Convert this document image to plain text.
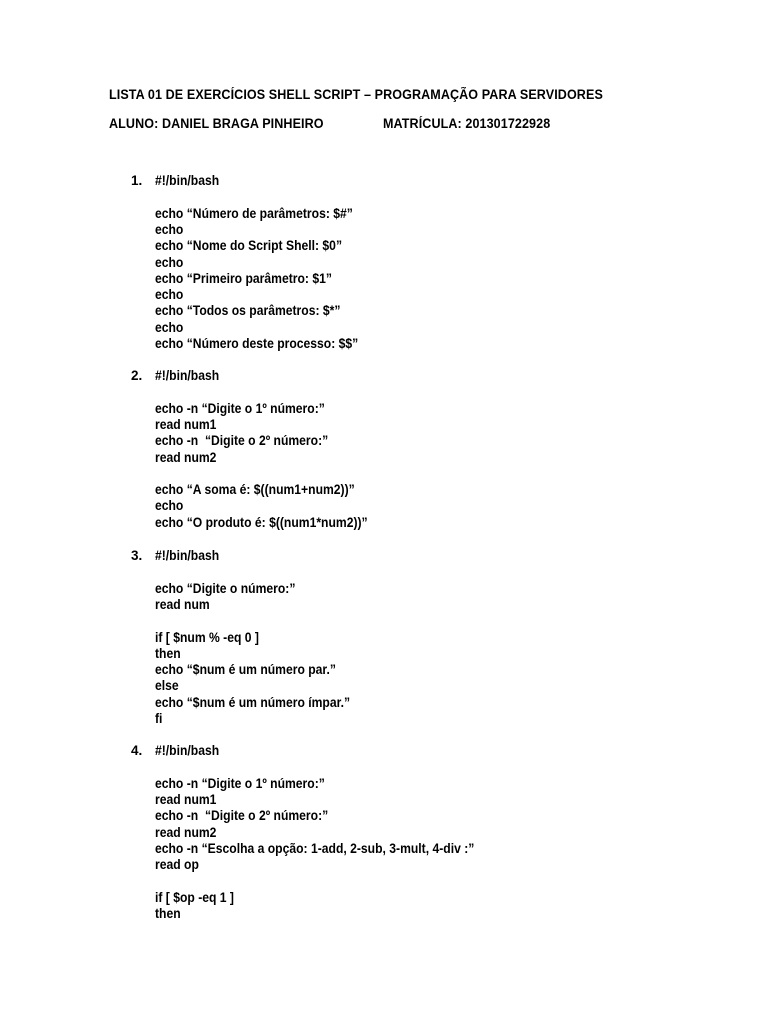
LISTA 01 DE EXERCÍCIOS SHELL SCRIPT – PROGRAMAÇÃO PARA SERVIDORES
ALUNO: DANIEL BRAGA PINHEIRO	MATRÍCULA: 201301722928
1. #!/bin/bash
echo “Número de parâmetros: $#”
echo
echo “Nome do Script Shell: $0”
echo
echo “Primeiro parâmetro: $1”
echo
echo “Todos os parâmetros: $*”
echo
echo “Número deste processo: $$”
2. #!/bin/bash
echo -n “Digite o 1º número:”
read num1
echo -n  “Digite o 2º número:”
read num2
echo “A soma é: $((num1+num2))”
echo
echo “O produto é: $((num1*num2))”
3. #!/bin/bash
echo “Digite o número:”
read num
if [ $num % -eq 0 ]
then
echo “$num é um número par.”
else
echo “$num é um número ímpar.”
fi
4. #!/bin/bash
echo -n “Digite o 1º número:”
read num1
echo -n  “Digite o 2º número:”
read num2
echo -n “Escolha a opção: 1-add, 2-sub, 3-mult, 4-div :”
read op
if [ $op -eq 1 ]
then
